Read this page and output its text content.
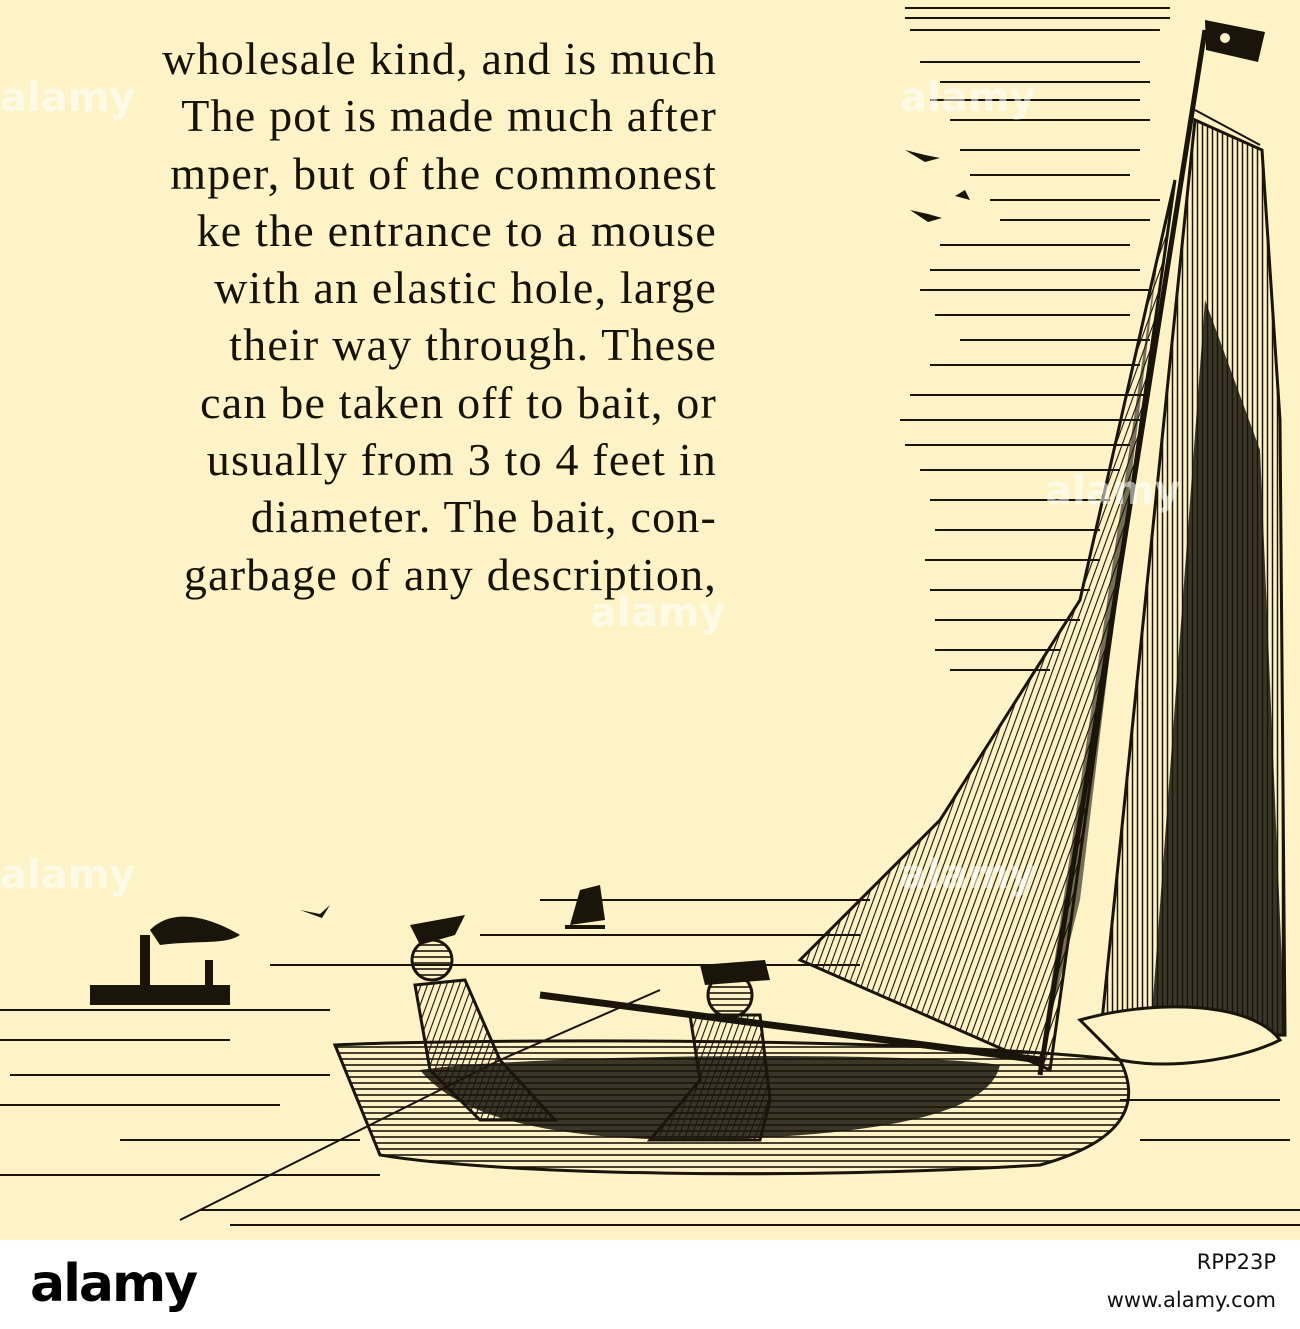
wholesale kind, and is much
The pot is made much after
mper, but of the commonest
ke the entrance to a mouse
with an elastic hole, large
their way through. These
can be taken off to bait, or
usually from 3 to 4 feet in
diameter. The bait, con-
garbage of any description,
alamy	alamy
alamy
alamy
alamy	alamy
alamy	RPP23P
www.alamy.com
